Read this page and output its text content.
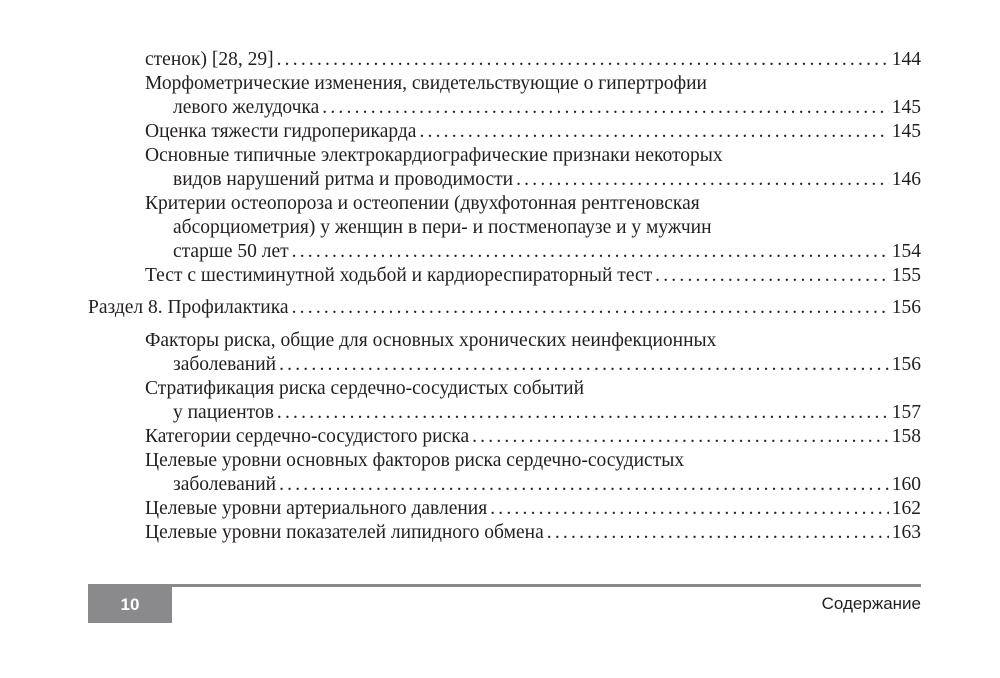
стенок) [28, 29] .....	144
Морфометрические изменения, свидетельствующие о гипертрофии
левого желудочка .....	145
Оценка тяжести гидроперикарда .....	145
Основные типичные электрокардиографические признаки некоторых
видов нарушений ритма и проводимости .....	146
Критерии остеопороза и остеопении (двухфотонная рентгеновская
абсорциометрия) у женщин в пери- и постменопаузе и у мужчин
старше 50 лет .....	154
Тест с шестиминутной ходьбой и кардиореспираторный тест .....	155
Раздел 8. Профилактика .....	156
Факторы риска, общие для основных хронических неинфекционных
заболеваний .....	156
Стратификация риска сердечно-сосудистых событий
у пациентов .....	157
Категории сердечно-сосудистого риска .....	158
Целевые уровни основных факторов риска сердечно-сосудистых
заболеваний .....	160
Целевые уровни артериального давления .....	162
Целевые уровни показателей липидного обмена .....	163
10	Содержание
